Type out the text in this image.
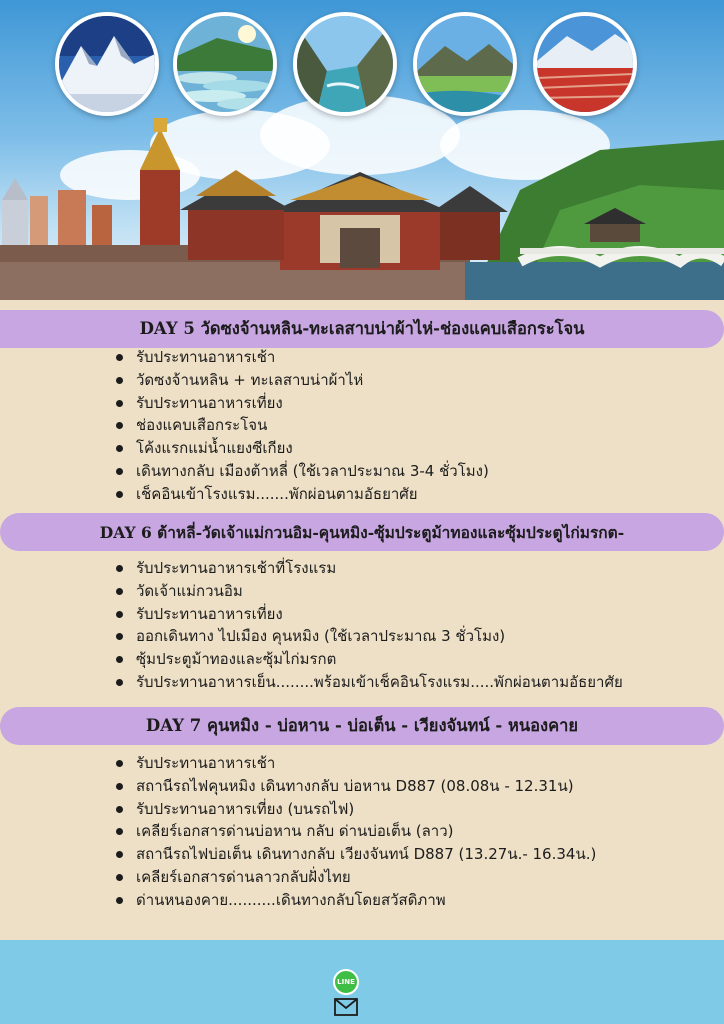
DAY 5 วัดซงจ้านหลิน-ทะเลสาบน่าผ้าไห่-ช่องแคบเสือกระโจน
รับประทานอาหารเช้า
วัดซงจ้านหลิน + ทะเลสาบน่าผ้าไห่
รับประทานอาหารเที่ยง
ช่องแคบเสือกระโจน
โค้งแรกแม่น้ำแยงซีเกียง
เดินทางกลับ เมืองต้าหลี่ (ใช้เวลาประมาณ 3-4 ชั่วโมง)
เช็คอินเข้าโรงแรม.......พักผ่อนตามอัธยาศัย
DAY 6 ต้าหลี่-วัดเจ้าแม่กวนอิม-คุนหมิง-ซุ้มประตูม้าทองและซุ้มประตูไก่มรกต-
รับประทานอาหารเช้าที่โรงแรม
วัดเจ้าแม่กวนอิม
รับประทานอาหารเที่ยง
ออกเดินทาง ไปเมือง คุนหมิง (ใช้เวลาประมาณ 3 ชั่วโมง)
ซุ้มประตูม้าทองและซุ้มไก่มรกต
รับประทานอาหารเย็น........พร้อมเข้าเช็คอินโรงแรม.....พักผ่อนตามอัธยาศัย
DAY 7 คุนหมิง - บ่อหาน - บ่อเต็น - เวียงจันทน์ - หนองคาย
รับประทานอาหารเช้า
สถานีรถไฟคุนหมิง เดินทางกลับ บ่อหาน D887 (08.08น - 12.31น)
รับประทานอาหารเที่ยง (บนรถไฟ)
เคลียร์เอกสารด่านบ่อหาน กลับ ด่านบ่อเต็น (ลาว)
สถานีรถไฟบ่อเต็น เดินทางกลับ เวียงจันทน์ D887 (13.27น.- 16.34น.)
เคลียร์เอกสารด่านลาวกลับฝั่งไทย
ด่านหนองคาย..........เดินทางกลับโดยสวัสดิภาพ
LINE
